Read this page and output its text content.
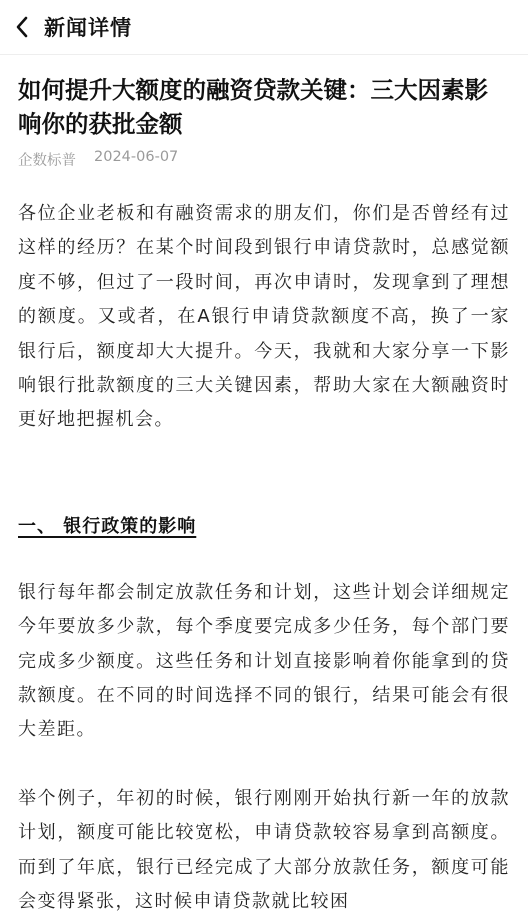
新闻详情
如何提升大额度的融资贷款关键：三大因素影响你的获批金额
企数标普 2024-06-07

各位企业老板和有融资需求的朋友们，你们是否曾经有过这样的经历？在某个时间段到银行申请贷款时，总感觉额度不够，但过了一段时间，再次申请时，发现拿到了理想的额度。又或者，在A银行申请贷款额度不高，换了一家银行后，额度却大大提升。今天，我就和大家分享一下影响银行批款额度的三大关键因素，帮助大家在大额融资时更好地把握机会。

一、 银行政策的影响

银行每年都会制定放款任务和计划，这些计划会详细规定今年要放多少款，每个季度要完成多少任务，每个部门要完成多少额度。这些任务和计划直接影响着你能拿到的贷款额度。在不同的时间选择不同的银行，结果可能会有很大差距。

举个例子，年初的时候，银行刚刚开始执行新一年的放款计划，额度可能比较宽松，申请贷款较容易拿到高额度。而到了年底，银行已经完成了大部分放款任务，额度可能会变得紧张，这时候申请贷款就比较困
